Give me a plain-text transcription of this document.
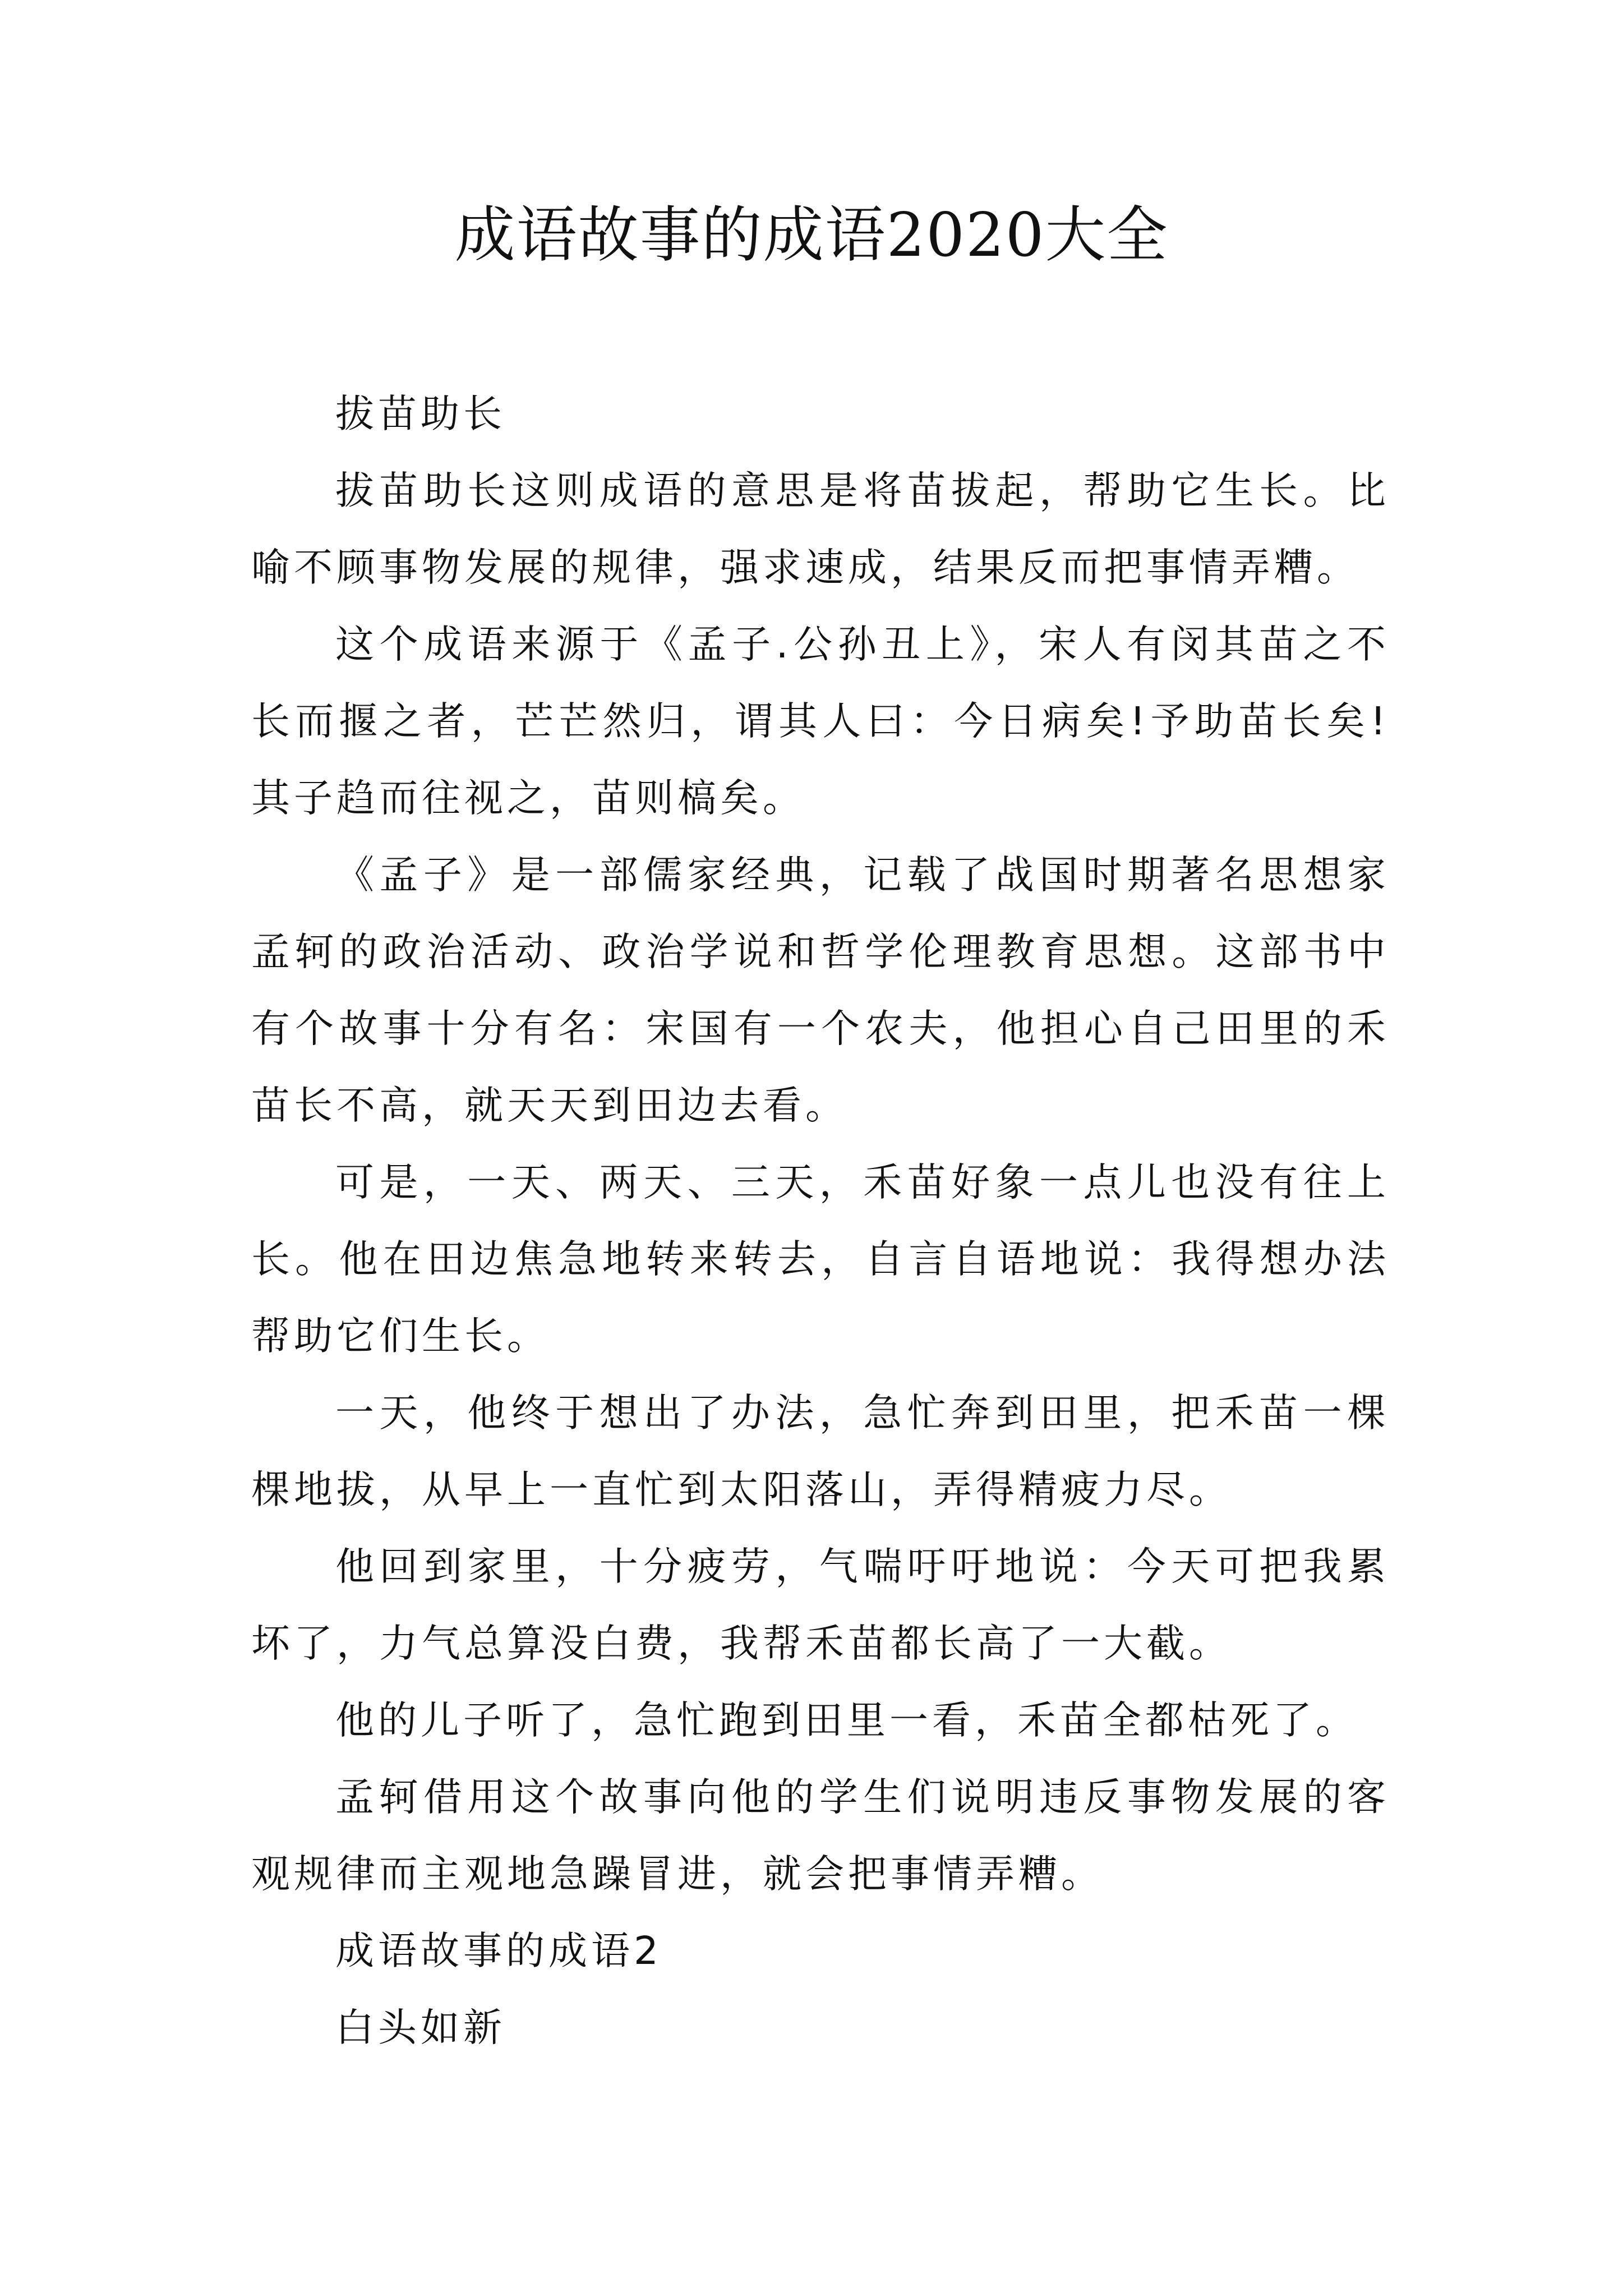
成语故事的成语2020大全

拔苗助长

拔苗助长这则成语的意思是将苗拔起，帮助它生长。比喻不顾事物发展的规律，强求速成，结果反而把事情弄糟。

这个成语来源于《孟子.公孙丑上》，宋人有闵其苗之不长而揠之者，芒芒然归，谓其人曰：今日病矣!予助苗长矣!其子趋而往视之，苗则槁矣。

《孟子》是一部儒家经典，记载了战国时期著名思想家孟轲的政治活动、政治学说和哲学伦理教育思想。这部书中有个故事十分有名：宋国有一个农夫，他担心自己田里的禾苗长不高，就天天到田边去看。

可是，一天、两天、三天，禾苗好象一点儿也没有往上长。他在田边焦急地转来转去，自言自语地说：我得想办法帮助它们生长。

一天，他终于想出了办法，急忙奔到田里，把禾苗一棵棵地拔，从早上一直忙到太阳落山，弄得精疲力尽。

他回到家里，十分疲劳，气喘吁吁地说：今天可把我累坏了，力气总算没白费，我帮禾苗都长高了一大截。

他的儿子听了，急忙跑到田里一看，禾苗全都枯死了。

孟轲借用这个故事向他的学生们说明违反事物发展的客观规律而主观地急躁冒进，就会把事情弄糟。

成语故事的成语2

白头如新
